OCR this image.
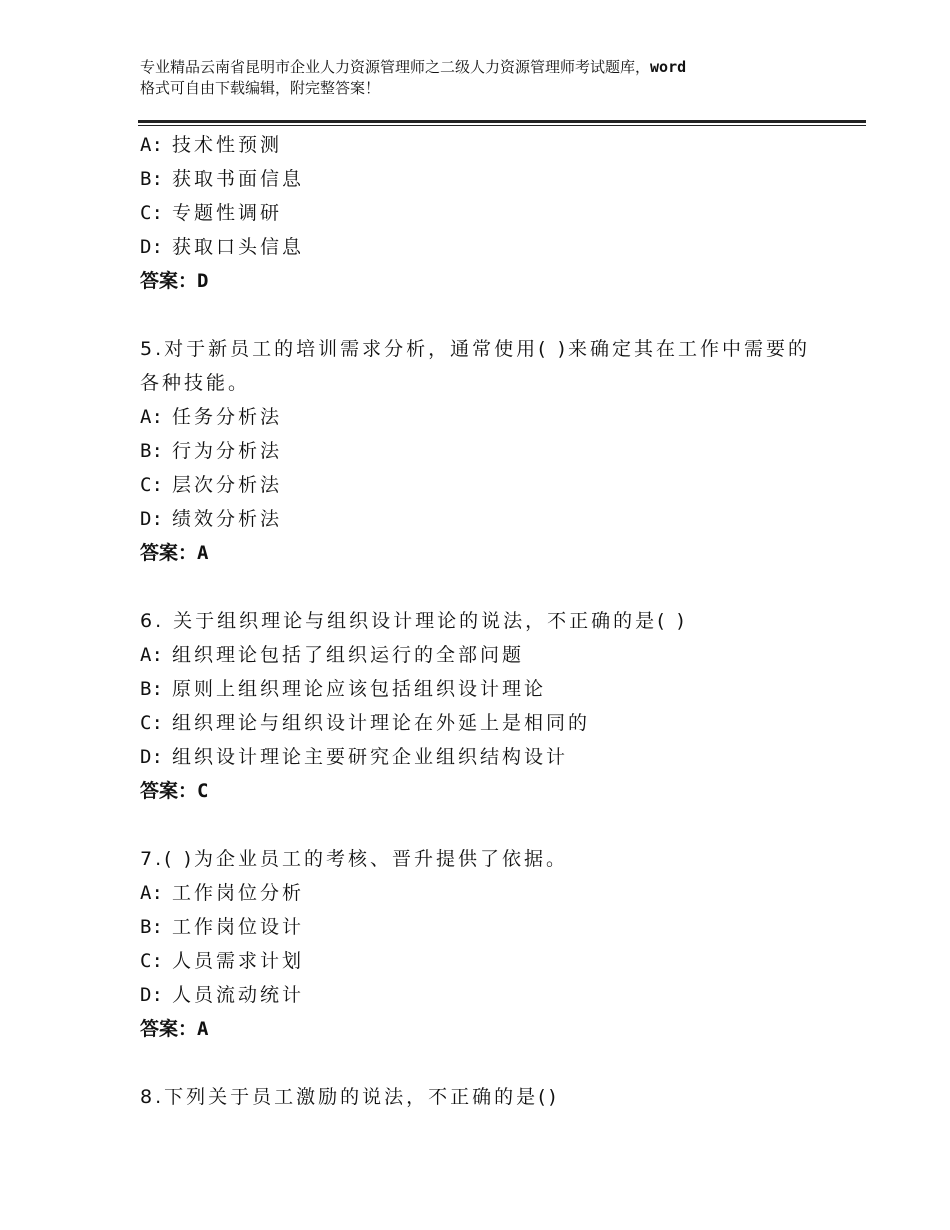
专业精品云南省昆明市企业人力资源管理师之二级人力资源管理师考试题库，word
格式可自由下载编辑，附完整答案！
A: 技术性预测
B: 获取书面信息
C: 专题性调研
D: 获取口头信息
答案：D
5.对于新员工的培训需求分析，通常使用( )来确定其在工作中需要的
各种技能。
A: 任务分析法
B: 行为分析法
C: 层次分析法
D: 绩效分析法
答案：A
6. 关于组织理论与组织设计理论的说法，不正确的是( )
A: 组织理论包括了组织运行的全部问题
B: 原则上组织理论应该包括组织设计理论
C: 组织理论与组织设计理论在外延上是相同的
D: 组织设计理论主要研究企业组织结构设计
答案：C
7.( )为企业员工的考核、晋升提供了依据。
A: 工作岗位分析
B: 工作岗位设计
C: 人员需求计划
D: 人员流动统计
答案：A
8.下列关于员工激励的说法，不正确的是()
